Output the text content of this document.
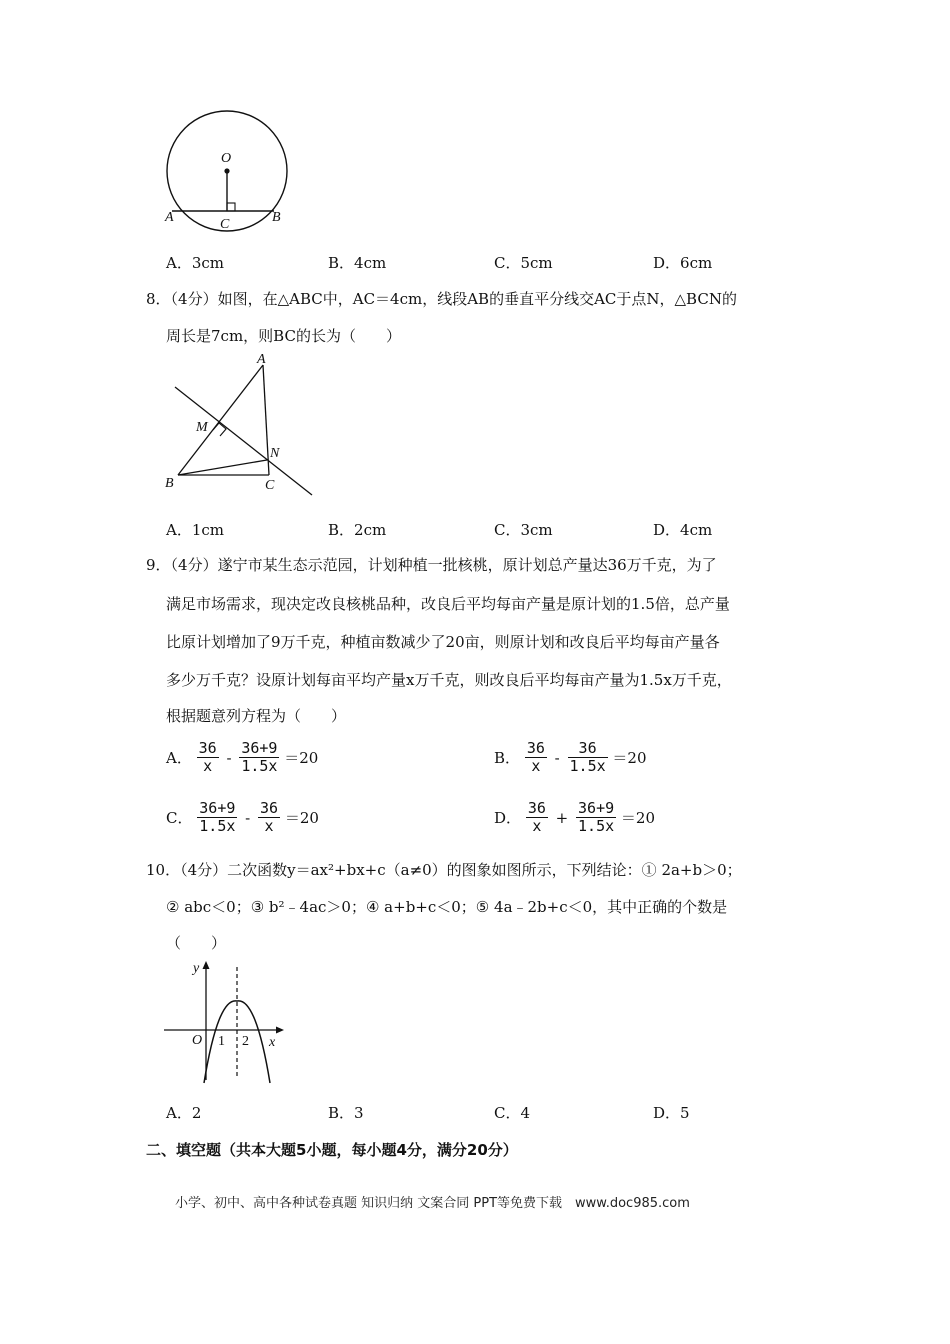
O
A	B
C
A．3cm	B．4cm	C．5cm	D．6cm
8．（4分）如图，在△ABC中，AC＝4cm，线段AB的垂直平分线交AC于点N，△BCN的
周长是7cm，则BC的长为（　　）
A
M
N
B	C
A．1cm	B．2cm	C．3cm	D．4cm
9．（4分）遂宁市某生态示范园，计划种植一批核桃，原计划总产量达36万千克，为了
满足市场需求，现决定改良核桃品种，改良后平均每亩产量是原计划的1.5倍，总产量
比原计划增加了9万千克，种植亩数减少了20亩，则原计划和改良后平均每亩产量各
多少万千克？设原计划每亩平均产量x万千克，则改良后平均每亩产量为1.5x万千克，
根据题意列方程为（　　）
A． $\frac{36}{x} - \frac{36+9}{1.5x} =20$	B． $\frac{36}{x} - \frac{36}{1.5x} =20$
C． $\frac{36+9}{1.5x} - \frac{36}{x} =20$	D． $\frac{36}{x} + \frac{36+9}{1.5x} =20$
10．（4分）二次函数y＝ax²+bx+c（a≠0）的图象如图所示，下列结论：① 2a+b＞0；
② abc＜0；③ b²﹣4ac＞0；④ a+b+c＜0；⑤ 4a﹣2b+c＜0，其中正确的个数是
（　　）
y
x
O 1 2
A．2	B．3	C．4	D．5
二、填空题（共本大题5小题，每小题4分，满分20分）
小学、初中、高中各种试卷真题 知识归纳 文案合同 PPT等免费下载　www.doc985.com
